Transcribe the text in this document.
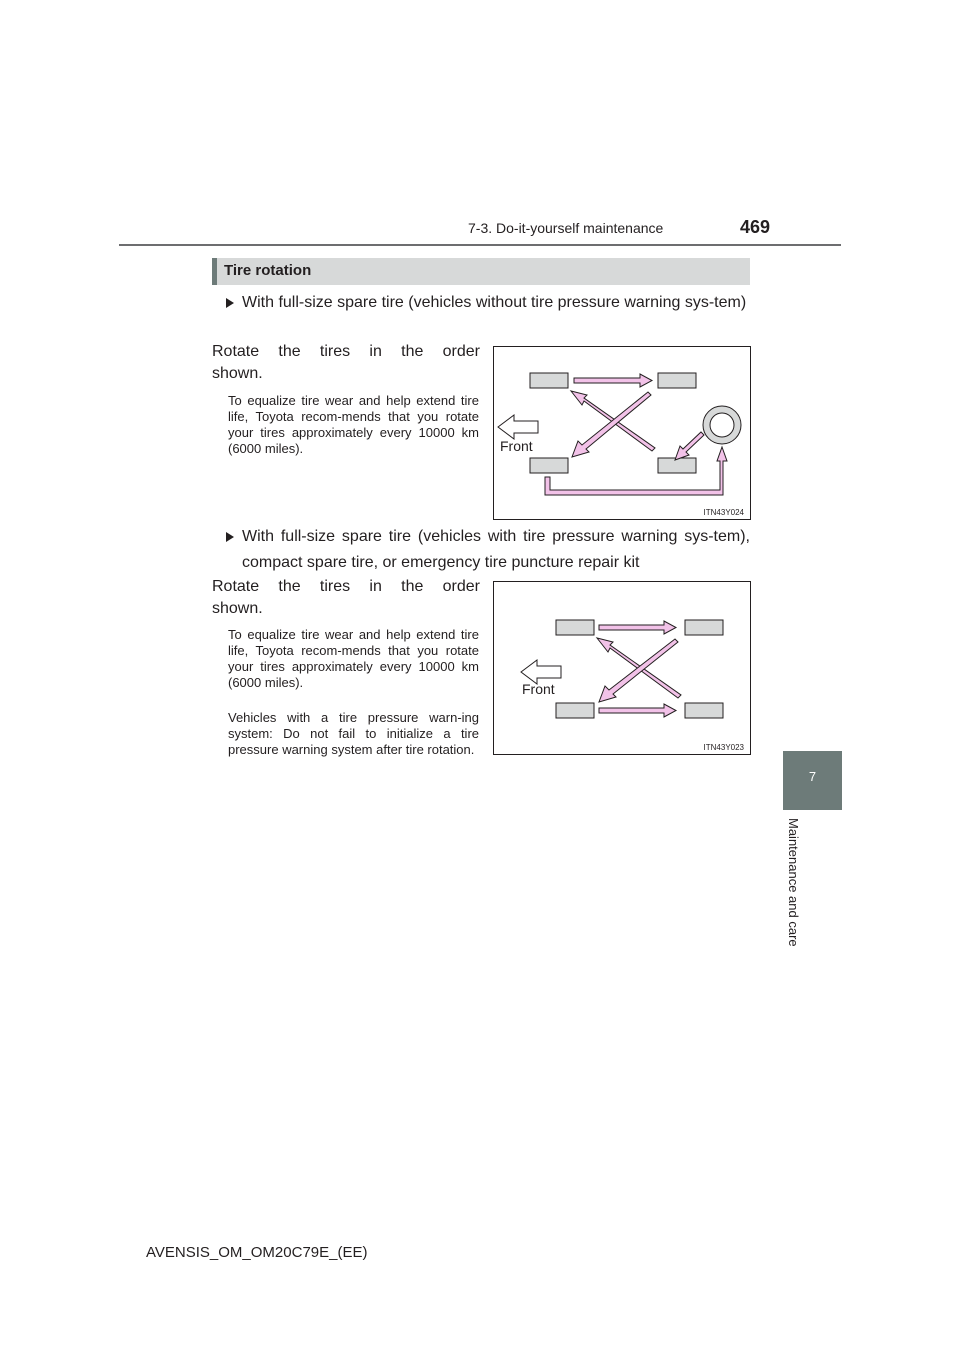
7-3. Do-it-yourself maintenance	469
7
Maintenance and care
Tire rotation

With full-size spare tire (vehicles without tire pressure warning sys-tem)

Rotate the tires in the order
shown.
To equalize tire wear and help extend tire life, Toyota recom-mends that you rotate your tires approximately every 10000 km (6000 miles).	Front
ITN43Y024

With full-size spare tire (vehicles with tire pressure warning sys-tem), compact spare tire, or emergency tire puncture repair kit

Rotate the tires in the order
shown.
To equalize tire wear and help extend tire life, Toyota recom-mends that you rotate your tires approximately every 10000 km (6000 miles).
Vehicles with a tire pressure warn-ing system: Do not fail to initialize a tire pressure warning system after tire rotation.
Front
ITN43Y023
AVENSIS_OM_OM20C79E_(EE)
